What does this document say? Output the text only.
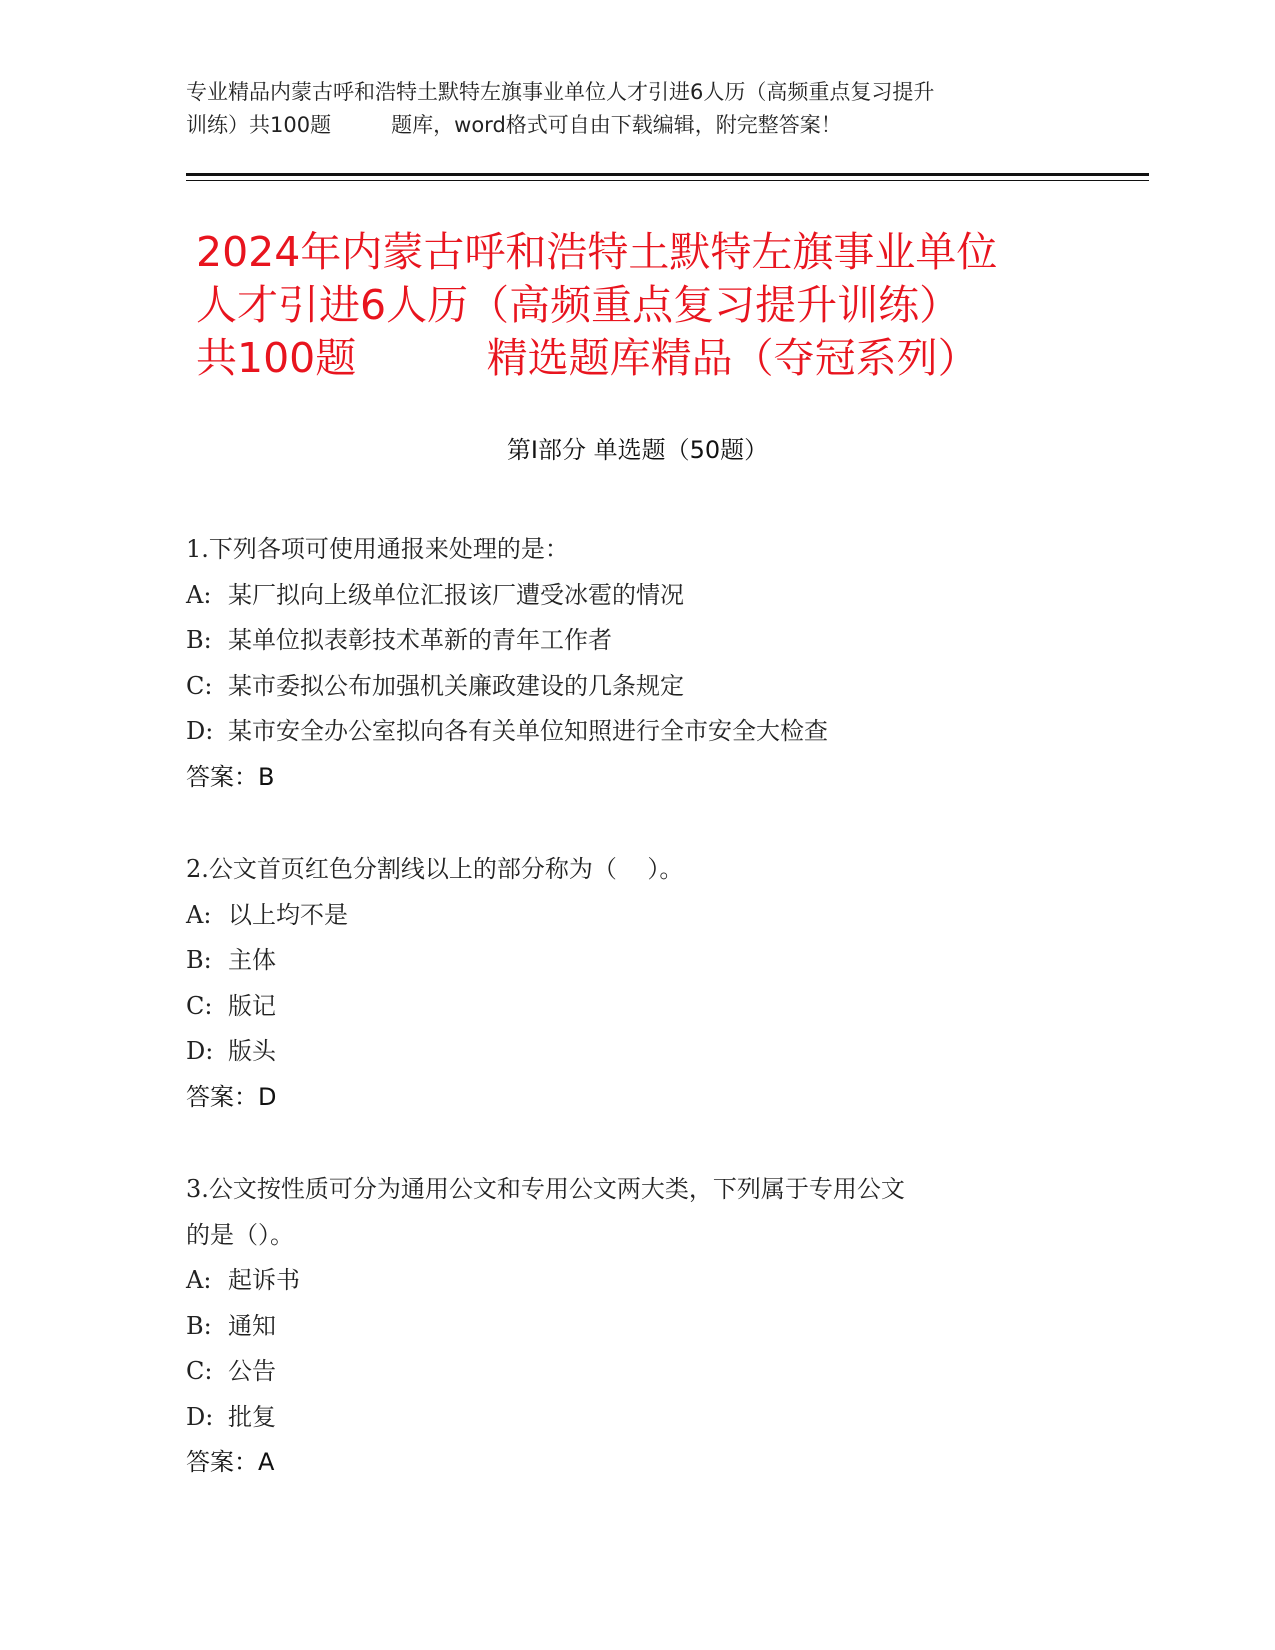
专业精品内蒙古呼和浩特土默特左旗事业单位人才引进6人历（高频重点复习提升
训练）共100题         题库，word格式可自由下载编辑，附完整答案！
2024年内蒙古呼和浩特土默特左旗事业单位
人才引进6人历（高频重点复习提升训练）
共100题          精选题库精品（夺冠系列）
第Ⅰ部分 单选题（50题）
1.下列各项可使用通报来处理的是：
A: 某厂拟向上级单位汇报该厂遭受冰雹的情况
B: 某单位拟表彰技术革新的青年工作者
C: 某市委拟公布加强机关廉政建设的几条规定
D: 某市安全办公室拟向各有关单位知照进行全市安全大检查
答案：B
2.公文首页红色分割线以上的部分称为（    ）。
A: 以上均不是
B: 主体
C: 版记
D: 版头
答案：D
3.公文按性质可分为通用公文和专用公文两大类，下列属于专用公文
的是（）。
A: 起诉书
B: 通知
C: 公告
D: 批复
答案：A
